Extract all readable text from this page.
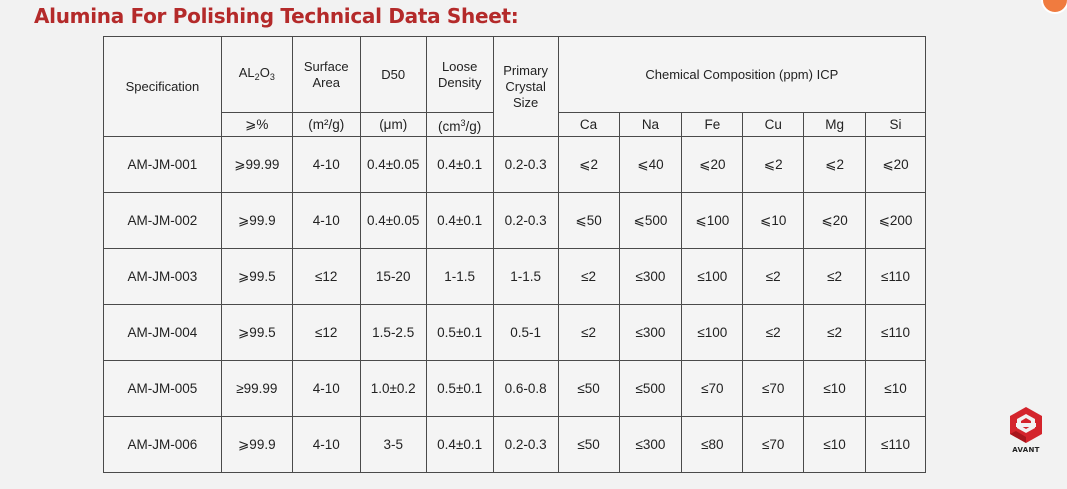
Alumina For Polishing Technical Data Sheet:
Specification	$AL_2O_3$	Surface Area	D50	Loose Density	Primary Crystal Size	Chemical Composition (ppm) ICP					
	⩾%	(m²/g)	(μm)	$(cm^3/g)$		Ca	Na	Fe	Cu	Mg	Si
AM-JM-001	⩾99.99	4-10	0.4±0.05	0.4±0.1	0.2-0.3	⩽2	⩽40	⩽20	⩽2	⩽2	⩽20
AM-JM-002	⩾99.9	4-10	0.4±0.05	0.4±0.1	0.2-0.3	⩽50	⩽500	⩽100	⩽10	⩽20	⩽200
AM-JM-003	⩾99.5	≤12	15-20	1-1.5	1-1.5	≤2	≤300	≤100	≤2	≤2	≤110
AM-JM-004	⩾99.5	≤12	1.5-2.5	0.5±0.1	0.5-1	≤2	≤300	≤100	≤2	≤2	≤110
AM-JM-005	≥99.99	4-10	1.0±0.2	0.5±0.1	0.6-0.8	≤50	≤500	≤70	≤70	≤10	≤10
AM-JM-006	⩾99.9	4-10	3-5	0.4±0.1	0.2-0.3	≤50	≤300	≤80	≤70	≤10	≤110	AVANT
